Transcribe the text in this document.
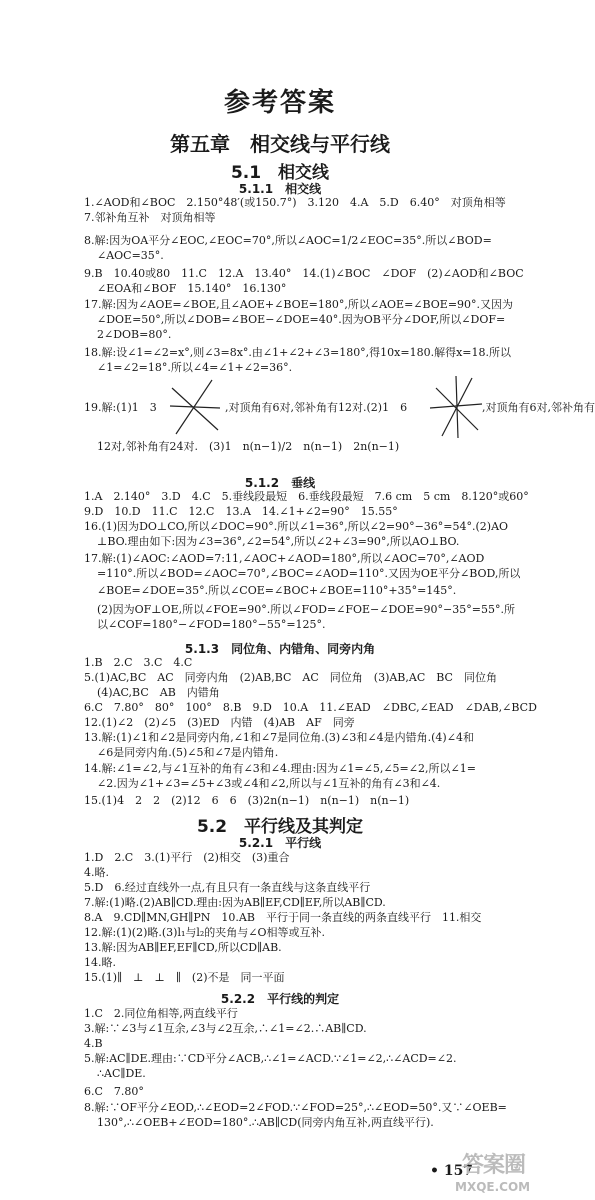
参考答案
第五章　相交线与平行线
5.1　相交线
5.1.1　相交线
1.∠AOD和∠BOC　2.150°48′(或150.7°)　3.120　4.A　5.D　6.40°　对顶角相等
7.邻补角互补　对顶角相等
8.解:因为OA平分∠EOC,∠EOC=70°,所以∠AOC=1/2∠EOC=35°.所以∠BOD=
∠AOC=35°.
9.B　10.40或80　11.C　12.A　13.40°　14.(1)∠BOC　∠DOF　(2)∠AOD和∠BOC
∠EOA和∠BOF　15.140°　16.130°
17.解:因为∠AOE=∠BOE,且∠AOE+∠BOE=180°,所以∠AOE=∠BOE=90°.又因为
∠DOE=50°,所以∠DOB=∠BOE−∠DOE=40°.因为OB平分∠DOF,所以∠DOF=
2∠DOB=80°.
18.解:设∠1=∠2=x°,则∠3=8x°.由∠1+∠2+∠3=180°,得10x=180.解得x=18.所以
∠1=∠2=18°.所以∠4=∠1+∠2=36°.
19.解:(1)1　3	,对顶角有6对,邻补角有12对.(2)1　6	,对顶角有6对,邻补角有
12对,邻补角有24对.　(3)1　n(n−1)/2　n(n−1)　2n(n−1)
5.1.2　垂线
1.A　2.140°　3.D　4.C　5.垂线段最短　6.垂线段最短　7.6 cm　5 cm　8.120°或60°
9.D　10.D　11.C　12.C　13.A　14.∠1+∠2=90°　15.55°
16.(1)因为DO⊥CO,所以∠DOC=90°.所以∠1=36°,所以∠2=90°−36°=54°.(2)AO
⊥BO.理由如下:因为∠3=36°,∠2=54°,所以∠2+∠3=90°,所以AO⊥BO.
17.解:(1)∠AOC:∠AOD=7:11,∠AOC+∠AOD=180°,所以∠AOC=70°,∠AOD
=110°.所以∠BOD=∠AOC=70°,∠BOC=∠AOD=110°.又因为OE平分∠BOD,所以
∠BOE=∠DOE=35°.所以∠COE=∠BOC+∠BOE=110°+35°=145°.
(2)因为OF⊥OE,所以∠FOE=90°.所以∠FOD=∠FOE−∠DOE=90°−35°=55°.所
以∠COF=180°−∠FOD=180°−55°=125°.
5.1.3　同位角、内错角、同旁内角
1.B　2.C　3.C　4.C
5.(1)AC,BC　AC　同旁内角　(2)AB,BC　AC　同位角　(3)AB,AC　BC　同位角
(4)AC,BC　AB　内错角
6.C　7.80°　80°　100°　8.B　9.D　10.A　11.∠EAD　∠DBC,∠EAD　∠DAB,∠BCD
12.(1)∠2　(2)∠5　(3)ED　内错　(4)AB　AF　同旁
13.解:(1)∠1和∠2是同旁内角,∠1和∠7是同位角.(3)∠3和∠4是内错角.(4)∠4和
∠6是同旁内角.(5)∠5和∠7是内错角.
14.解:∠1=∠2,与∠1互补的角有∠3和∠4.理由:因为∠1=∠5,∠5=∠2,所以∠1=
∠2.因为∠1+∠3=∠5+∠3或∠4和∠2,所以与∠1互补的角有∠3和∠4.
15.(1)4　2　2　(2)12　6　6　(3)2n(n−1)　n(n−1)　n(n−1)
5.2　平行线及其判定
5.2.1　平行线
1.D　2.C　3.(1)平行　(2)相交　(3)重合
4.略.
5.D　6.经过直线外一点,有且只有一条直线与这条直线平行
7.解:(1)略.(2)AB∥CD.理由:因为AB∥EF,CD∥EF,所以AB∥CD.
8.A　9.CD∥MN,GH∥PN　10.AB　平行于同一条直线的两条直线平行　11.相交
12.解:(1)(2)略.(3)l₁与l₂的夹角与∠O相等或互补.
13.解:因为AB∥EF,EF∥CD,所以CD∥AB.
14.略.
15.(1)∥　⊥　⊥　∥　(2)不是　同一平面
5.2.2　平行线的判定
1.C　2.同位角相等,两直线平行
3.解:∵∠3与∠1互余,∠3与∠2互余,∴∠1=∠2.∴AB∥CD.
4.B
5.解:AC∥DE.理由:∵CD平分∠ACB,∴∠1=∠ACD.∵∠1=∠2,∴∠ACD=∠2.
∴AC∥DE.
6.C　7.80°
8.解:∵OF平分∠EOD,∴∠EOD=2∠FOD.∵∠FOD=25°,∴∠EOD=50°.又∵∠OEB=
130°,∴∠OEB+∠EOD=180°.∴AB∥CD(同旁内角互补,两直线平行).
• 157
答案圈
MXQE.COM
